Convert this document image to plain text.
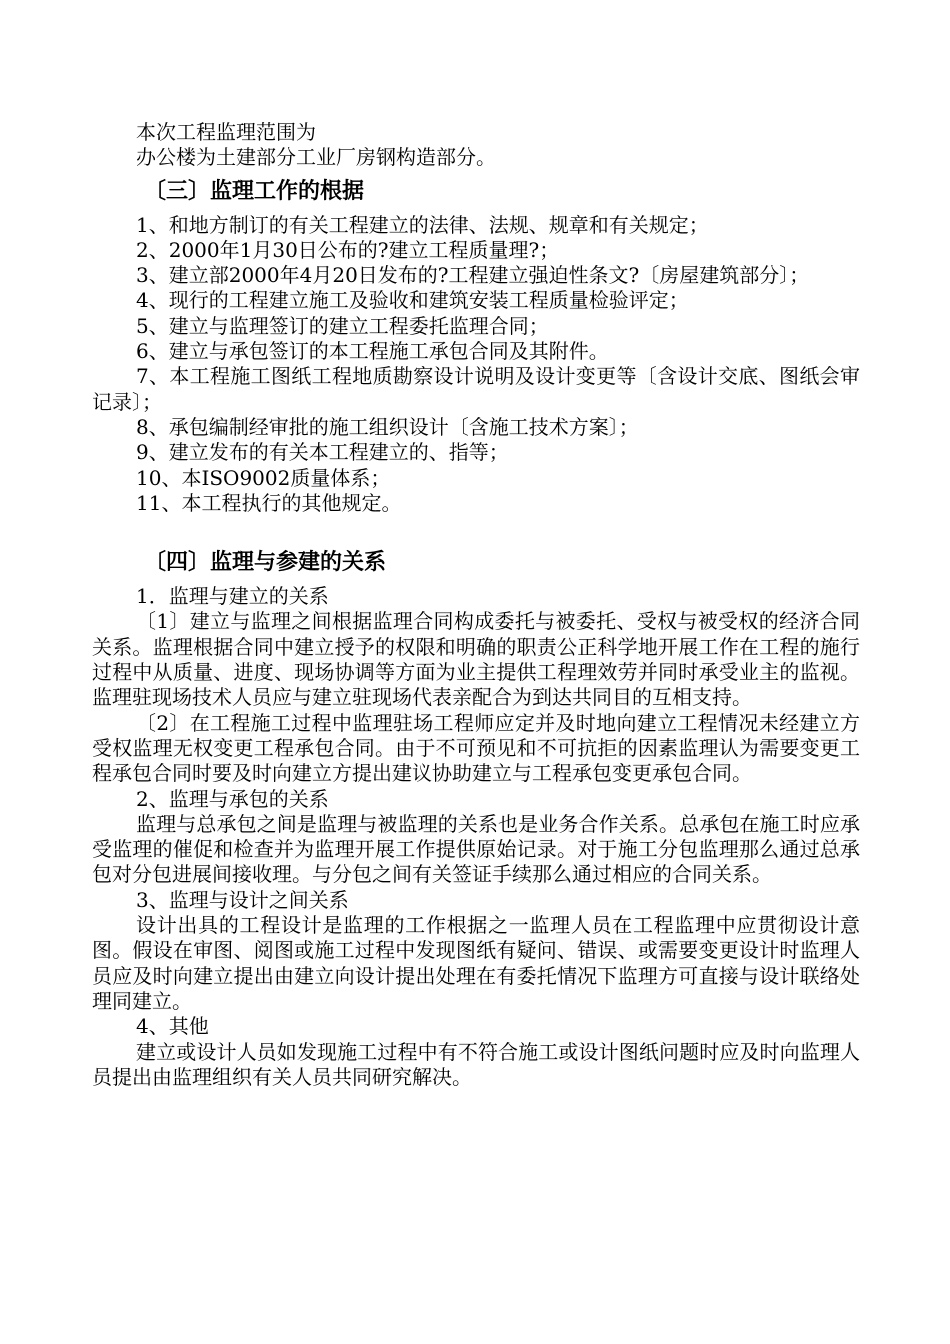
本次工程监理范围为

办公楼为土建部分工业厂房钢构造部分。

〔三〕监理工作的根据

1、和地方制订的有关工程建立的法律、法规、规章和有关规定；

2、2000年1月30日公布的?建立工程质量理?；

3、建立部2000年4月20日发布的?工程建立强迫性条文?〔房屋建筑部分〕；

4、现行的工程建立施工及验收和建筑安装工程质量检验评定；

5、建立与监理签订的建立工程委托监理合同；

6、建立与承包签订的本工程施工承包合同及其附件。

7、本工程施工图纸工程地质勘察设计说明及设计变更等〔含设计交底、图纸会审记录〕；

8、承包编制经审批的施工组织设计〔含施工技术方案〕；

9、建立发布的有关本工程建立的、指等；

10、本ISO9002质量体系；

11、本工程执行的其他规定。

〔四〕监理与参建的关系

1．监理与建立的关系

〔1〕建立与监理之间根据监理合同构成委托与被委托、受权与被受权的经济合同关系。监理根据合同中建立授予的权限和明确的职责公正科学地开展工作在工程的施行过程中从质量、进度、现场协调等方面为业主提供工程理效劳并同时承受业主的监视。监理驻现场技术人员应与建立驻现场代表亲配合为到达共同目的互相支持。

〔2〕在工程施工过程中监理驻场工程师应定并及时地向建立工程情况未经建立方受权监理无权变更工程承包合同。由于不可预见和不可抗拒的因素监理认为需要变更工程承包合同时要及时向建立方提出建议协助建立与工程承包变更承包合同。

2、监理与承包的关系

监理与总承包之间是监理与被监理的关系也是业务合作关系。总承包在施工时应承受监理的催促和检查并为监理开展工作提供原始记录。对于施工分包监理那么通过总承包对分包进展间接收理。与分包之间有关签证手续那么通过相应的合同关系。

3、监理与设计之间关系

设计出具的工程设计是监理的工作根据之一监理人员在工程监理中应贯彻设计意图。假设在审图、阅图或施工过程中发现图纸有疑问、错误、或需要变更设计时监理人员应及时向建立提出由建立向设计提出处理在有委托情况下监理方可直接与设计联络处理同建立。

4、其他

建立或设计人员如发现施工过程中有不符合施工或设计图纸问题时应及时向监理人员提出由监理组织有关人员共同研究解决。
